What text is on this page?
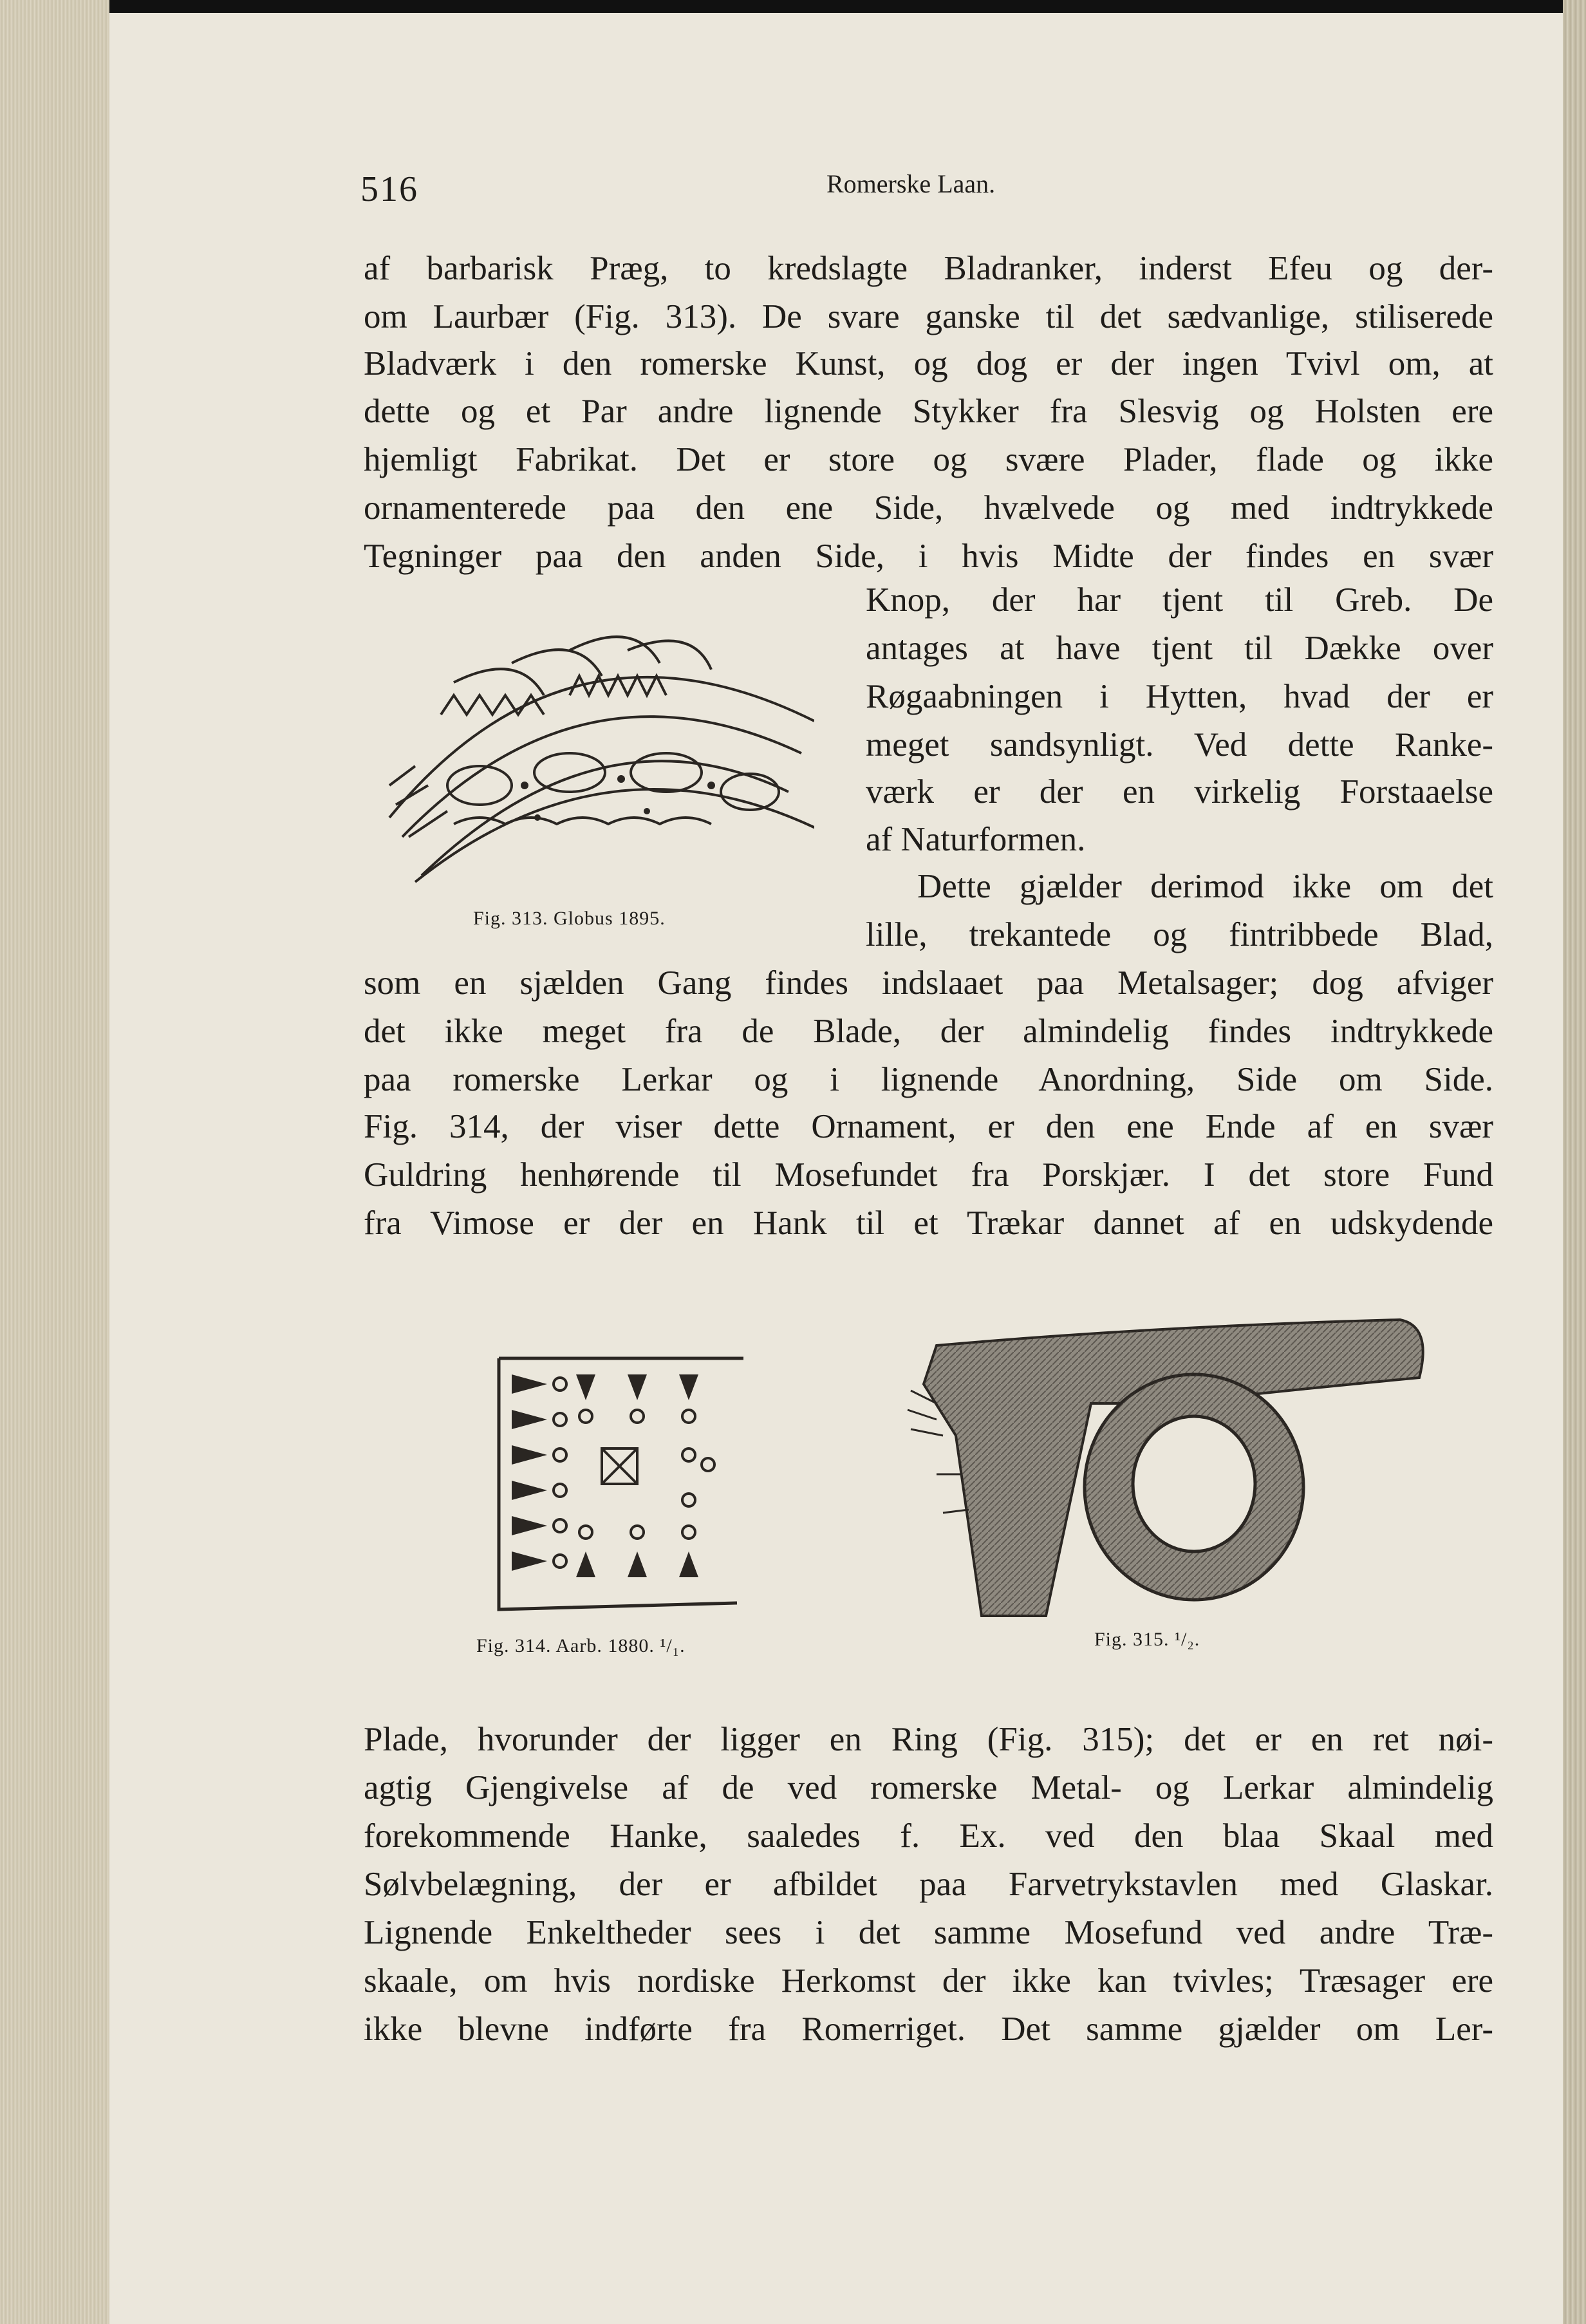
516	Romerske Laan.
af barbarisk Præg, to kredslagte Bladranker, inderst Efeu og der-
om Laurbær (Fig. 313). De svare ganske til det sædvanlige, stiliserede
Bladværk i den romerske Kunst, og dog er der ingen Tvivl om, at
dette og et Par andre lignende Stykker fra Slesvig og Holsten ere
hjemligt Fabrikat. Det er store og svære Plader, flade og ikke
ornamenterede paa den ene Side, hvælvede og med indtrykkede
Tegninger paa den anden Side, i hvis Midte der findes en svær
Knop, der har tjent til Greb. De
antages at have tjent til Dække over
Røgaabningen i Hytten, hvad der er
meget sandsynligt. Ved dette Ranke-
værk er der en virkelig Forstaaelse
af Naturformen.
Dette gjælder derimod ikke om det
lille, trekantede og fintribbede Blad,
Fig. 313. Globus 1895.
som en sjælden Gang findes indslaaet paa Metalsager; dog afviger
det ikke meget fra de Blade, der almindelig findes indtrykkede
paa romerske Lerkar og i lignende Anordning, Side om Side.
Fig. 314, der viser dette Ornament, er den ene Ende af en svær
Guldring henhørende til Mosefundet fra Porskjær. I det store Fund
fra Vimose er der en Hank til et Trækar dannet af en udskydende
Fig. 314. Aarb. 1880. ¹/₁.	Fig. 315. ¹/₂.
Plade, hvorunder der ligger en Ring (Fig. 315); det er en ret nøi-
agtig Gjengivelse af de ved romerske Metal- og Lerkar almindelig
forekommende Hanke, saaledes f. Ex. ved den blaa Skaal med
Sølvbelægning, der er afbildet paa Farvetrykstavlen med Glaskar.
Lignende Enkeltheder sees i det samme Mosefund ved andre Træ-
skaale, om hvis nordiske Herkomst der ikke kan tvivles; Træsager ere
ikke blevne indførte fra Romerriget. Det samme gjælder om Ler-
